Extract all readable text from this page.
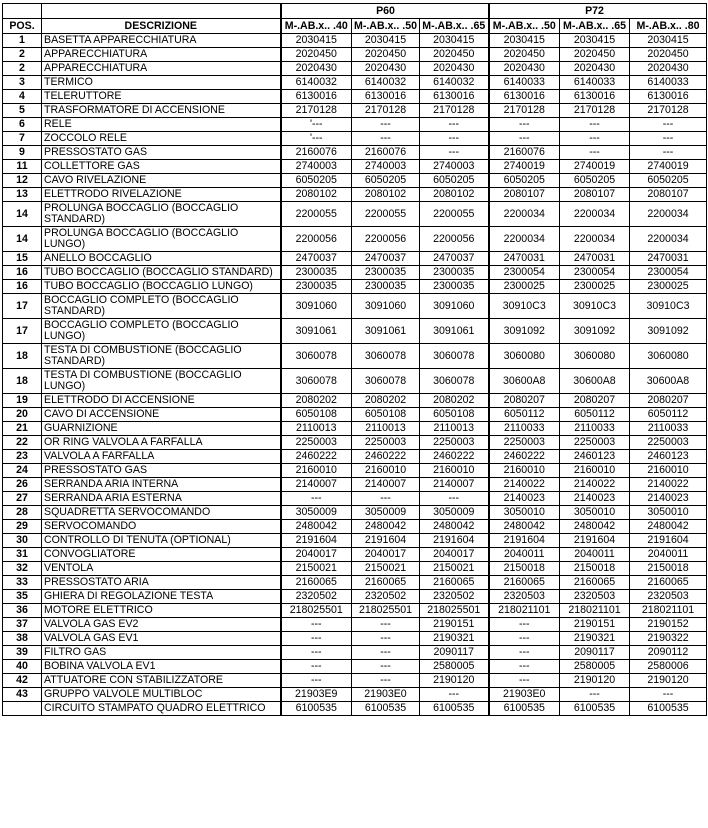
			P60			P72	
POS.	DESCRIZIONE	M-.AB.x.. .40	M-.AB.x.. .50	M-.AB.x.. .65	M-.AB.x.. .50	M-.AB.x.. .65	M-.AB.x.. .80
1	BASETTA APPARECCHIATURA	2030415	2030415	2030415	2030415	2030415	2030415
2	APPARECCHIATURA	2020450	2020450	2020450	2020450	2020450	2020450
2	APPARECCHIATURA	2020430	2020430	2020430	2020430	2020430	2020430
3	TERMICO	6140032	6140032	6140032	6140033	6140033	6140033
4	TELERUTTORE	6130016	6130016	6130016	6130016	6130016	6130016
5	TRASFORMATORE DI ACCENSIONE	2170128	2170128	2170128	2170128	2170128	2170128
6	RELE	'---	---	---	---	---	---
7	ZOCCOLO RELE	'---	---	---	---	---	---
9	PRESSOSTATO GAS	2160076	2160076	---	2160076	---	---
11	COLLETTORE GAS	2740003	2740003	2740003	2740019	2740019	2740019
12	CAVO RIVELAZIONE	6050205	6050205	6050205	6050205	6050205	6050205
13	ELETTRODO RIVELAZIONE	2080102	2080102	2080102	2080107	2080107	2080107
14	PROLUNGA BOCCAGLIO (BOCCAGLIO STANDARD)	2200055	2200055	2200055	2200034	2200034	2200034
14	PROLUNGA BOCCAGLIO (BOCCAGLIO LUNGO)	2200056	2200056	2200056	2200034	2200034	2200034
15	ANELLO BOCCAGLIO	2470037	2470037	2470037	2470031	2470031	2470031
16	TUBO BOCCAGLIO (BOCCAGLIO STANDARD)	2300035	2300035	2300035	2300054	2300054	2300054
16	TUBO BOCCAGLIO (BOCCAGLIO LUNGO)	2300035	2300035	2300035	2300025	2300025	2300025
17	BOCCAGLIO COMPLETO (BOCCAGLIO STANDARD)	3091060	3091060	3091060	30910C3	30910C3	30910C3
17	BOCCAGLIO COMPLETO (BOCCAGLIO LUNGO)	3091061	3091061	3091061	3091092	3091092	3091092
18	TESTA DI COMBUSTIONE (BOCCAGLIO STANDARD)	3060078	3060078	3060078	3060080	3060080	3060080
18	TESTA DI COMBUSTIONE (BOCCAGLIO LUNGO)	3060078	3060078	3060078	30600A8	30600A8	30600A8
19	ELETTRODO DI ACCENSIONE	2080202	2080202	2080202	2080207	2080207	2080207
20	CAVO DI ACCENSIONE	6050108	6050108	6050108	6050112	6050112	6050112
21	GUARNIZIONE	2110013	2110013	2110013	2110033	2110033	2110033
22	OR RING VALVOLA A FARFALLA	2250003	2250003	2250003	2250003	2250003	2250003
23	VALVOLA A FARFALLA	2460222	2460222	2460222	2460222	2460123	2460123
24	PRESSOSTATO GAS	2160010	2160010	2160010	2160010	2160010	2160010
26	SERRANDA ARIA INTERNA	2140007	2140007	2140007	2140022	2140022	2140022
27	SERRANDA ARIA ESTERNA	---	---	---	2140023	2140023	2140023
28	SQUADRETTA SERVOCOMANDO	3050009	3050009	3050009	3050010	3050010	3050010
29	SERVOCOMANDO	2480042	2480042	2480042	2480042	2480042	2480042
30	CONTROLLO DI TENUTA (OPTIONAL)	2191604	2191604	2191604	2191604	2191604	2191604
31	CONVOGLIATORE	2040017	2040017	2040017	2040011	2040011	2040011
32	VENTOLA	2150021	2150021	2150021	2150018	2150018	2150018
33	PRESSOSTATO ARIA	2160065	2160065	2160065	2160065	2160065	2160065
35	GHIERA DI REGOLAZIONE TESTA	2320502	2320502	2320502	2320503	2320503	2320503
36	MOTORE ELETTRICO	218025501	218025501	218025501	218021101	218021101	218021101
37	VALVOLA GAS EV2	---	---	2190151	---	2190151	2190152
38	VALVOLA GAS EV1	---	---	2190321	---	2190321	2190322
39	FILTRO GAS	---	---	2090117	---	2090117	2090112
40	BOBINA VALVOLA EV1	---	---	2580005	---	2580005	2580006
42	ATTUATORE CON STABILIZZATORE	---	---	2190120	---	2190120	2190120
43	GRUPPO VALVOLE MULTIBLOC	21903E9	21903E0	---	21903E0	---	---
	CIRCUITO STAMPATO QUADRO ELETTRICO	6100535	6100535	6100535	6100535	6100535	6100535
